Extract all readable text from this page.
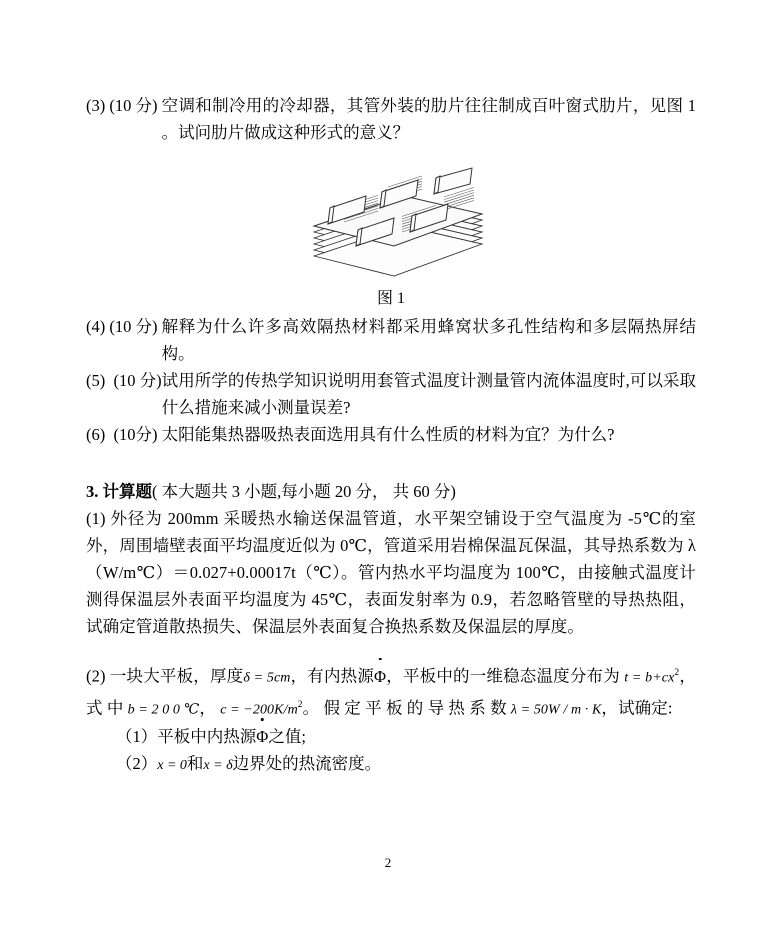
(3) (10 分) 空调和制冷用的冷却器，其管外装的肋片往往制成百叶窗式肋片，见图 1 。试问肋片做成这种形式的意义？
图 1
(4) (10 分) 解释为什么许多高效隔热材料都采用蜂窝状多孔性结构和多层隔热屏结构。
(5) (10 分) 试用所学的传热学知识说明用套管式温度计测量管内流体温度时,可以采取什么措施来减小测量误差?
(6) (10分) 太阳能集热器吸热表面选用具有什么性质的材料为宜？为什么?
3. 计算题( 本大题共 3 小题,每小题 20 分， 共 60 分)
(1) 外径为 200mm 采暖热水输送保温管道，水平架空铺设于空气温度为 -5℃的室外，周围墙壁表面平均温度近似为 0℃，管道采用岩棉保温瓦保温，其导热系数为 λ （W/m℃）＝0.027+0.00017t（℃）。管内热水平均温度为 100℃，由接触式温度计测得保温层外表面平均温度为 45℃，表面发射率为 0.9，若忽略管壁的导热热阻，试确定管道散热损失、保温层外表面复合换热系数及保温层的厚度。
(2) 一块大平板，厚度δ = 5cm，有内热源Φ，平板中的一维稳态温度分布为 $t = b+cx^2$， 式 中 b = 2 0 0 ℃， $c = -200K/m^2$。 假 定 平 板 的 导 热 系 数 λ = 50W / m · K，试确定:
（1） 平板中内热源Φ之值;
（2） x = 0和x = δ边界处的热流密度。
2
